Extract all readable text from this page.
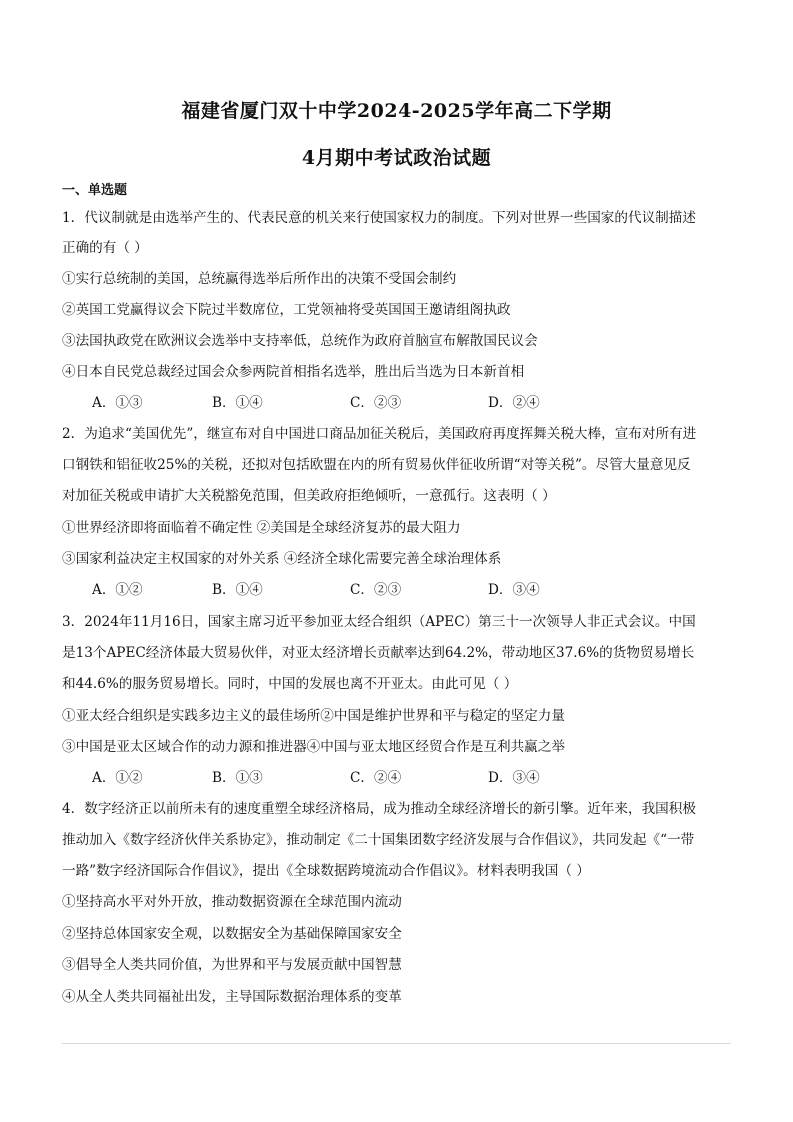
福建省厦门双十中学2024-2025学年高二下学期
4月期中考试政治试题
一、单选题
1．代议制就是由选举产生的、代表民意的机关来行使国家权力的制度。下列对世界一些国家的代议制描述
正确的有（ ）
①实行总统制的美国，总统赢得选举后所作出的决策不受国会制约
②英国工党赢得议会下院过半数席位，工党领袖将受英国国王邀请组阁执政
③法国执政党在欧洲议会选举中支持率低，总统作为政府首脑宣布解散国民议会
④日本自民党总裁经过国会众参两院首相指名选举，胜出后当选为日本新首相
A．①③	B．①④	C．②③	D．②④
2．为追求“美国优先”，继宣布对自中国进口商品加征关税后，美国政府再度挥舞关税大棒，宣布对所有进
口钢铁和铝征收25%的关税，还拟对包括欧盟在内的所有贸易伙伴征收所谓“对等关税”。尽管大量意见反
对加征关税或申请扩大关税豁免范围，但美政府拒绝倾听，一意孤行。这表明（ ）
①世界经济即将面临着不确定性 ②美国是全球经济复苏的最大阻力
③国家利益决定主权国家的对外关系 ④经济全球化需要完善全球治理体系
A．①②	B．①④	C．②③	D．③④
3．2024年11月16日，国家主席习近平参加亚太经合组织（APEC）第三十一次领导人非正式会议。中国
是13个APEC经济体最大贸易伙伴，对亚太经济增长贡献率达到64.2%，带动地区37.6%的货物贸易增长
和44.6%的服务贸易增长。同时，中国的发展也离不开亚太。由此可见（ ）
①亚太经合组织是实践多边主义的最佳场所②中国是维护世界和平与稳定的坚定力量
③中国是亚太区域合作的动力源和推进器④中国与亚太地区经贸合作是互利共赢之举
A．①②	B．①③	C．②④	D．③④
4．数字经济正以前所未有的速度重塑全球经济格局，成为推动全球经济增长的新引擎。近年来，我国积极
推动加入《数字经济伙伴关系协定》，推动制定《二十国集团数字经济发展与合作倡议》，共同发起《“一带
一路”数字经济国际合作倡议》，提出《全球数据跨境流动合作倡议》。材料表明我国（ ）
①坚持高水平对外开放，推动数据资源在全球范围内流动
②坚持总体国家安全观，以数据安全为基础保障国家安全
③倡导全人类共同价值，为世界和平与发展贡献中国智慧
④从全人类共同福祉出发，主导国际数据治理体系的变革
